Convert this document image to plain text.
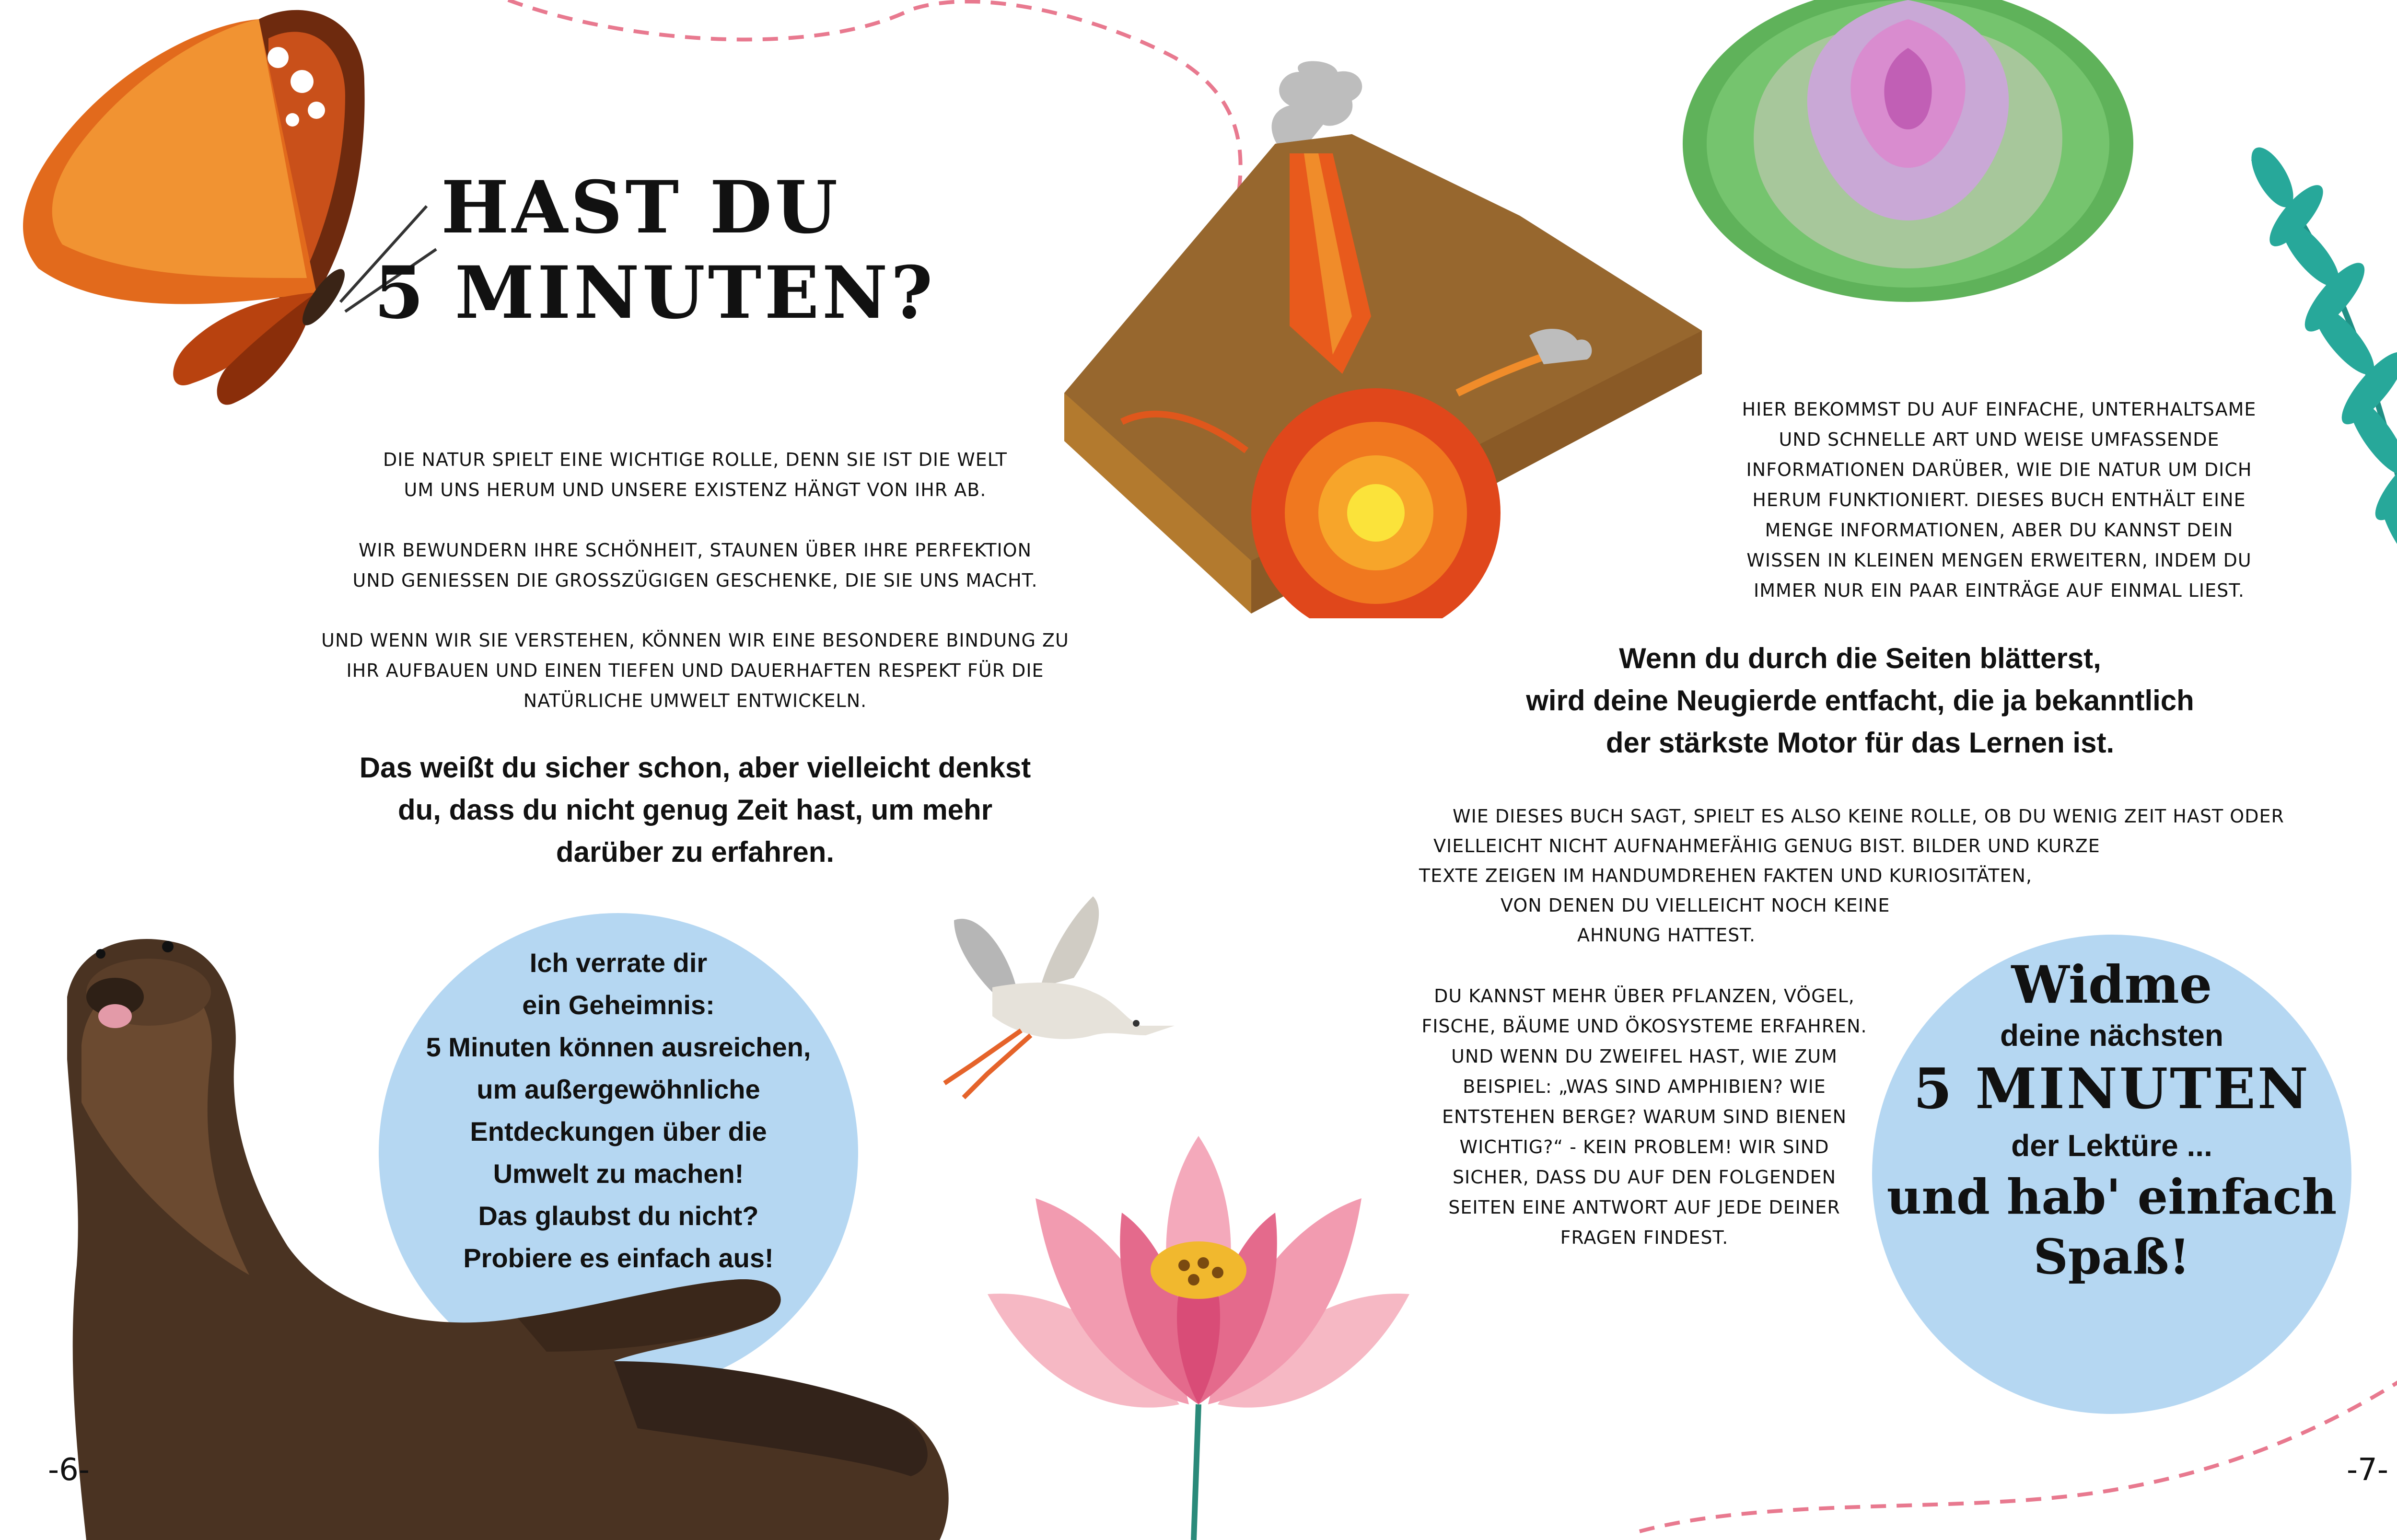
HAST DU
5 MINUTEN?

DIE NATUR SPIELT EINE WICHTIGE ROLLE, DENN SIE IST DIE WELT

UM UNS HERUM UND UNSERE EXISTENZ HÄNGT VON IHR AB.

WIR BEWUNDERN IHRE SCHÖNHEIT, STAUNEN ÜBER IHRE PERFEKTION

UND GENIESSEN DIE GROSSZÜGIGEN GESCHENKE, DIE SIE UNS MACHT.

UND WENN WIR SIE VERSTEHEN, KÖNNEN WIR EINE BESONDERE BINDUNG ZU

IHR AUFBAUEN UND EINEN TIEFEN UND DAUERHAFTEN RESPEKT FÜR DIE

NATÜRLICHE UMWELT ENTWICKELN.

Das weißt du sicher schon, aber vielleicht denkst

du, dass du nicht genug Zeit hast, um mehr

darüber zu erfahren.

Ich verrate dir

ein Geheimnis:

5 Minuten können ausreichen,

um außergewöhnliche

Entdeckungen über die

Umwelt zu machen!

Das glaubst du nicht?

Probiere es einfach aus!

HIER BEKOMMST DU AUF EINFACHE, UNTERHALTSAME

UND SCHNELLE ART UND WEISE UMFASSENDE

INFORMATIONEN DARÜBER, WIE DIE NATUR UM DICH

HERUM FUNKTIONIERT. DIESES BUCH ENTHÄLT EINE

MENGE INFORMATIONEN, ABER DU KANNST DEIN

WISSEN IN KLEINEN MENGEN ERWEITERN, INDEM DU

IMMER NUR EIN PAAR EINTRÄGE AUF EINMAL LIEST.

Wenn du durch die Seiten blätterst,

wird deine Neugierde entfacht, die ja bekanntlich

der stärkste Motor für das Lernen ist.

WIE DIESES BUCH SAGT, SPIELT ES ALSO KEINE ROLLE, OB DU WENIG ZEIT HAST ODER

VIELLEICHT NICHT AUFNAHMEFÄHIG GENUG BIST. BILDER UND KURZE

TEXTE ZEIGEN IM HANDUMDREHEN FAKTEN UND KURIOSITÄTEN,

VON DENEN DU VIELLEICHT NOCH KEINE

AHNUNG HATTEST.

DU KANNST MEHR ÜBER PFLANZEN, VÖGEL,

FISCHE, BÄUME UND ÖKOSYSTEME ERFAHREN.

UND WENN DU ZWEIFEL HAST, WIE ZUM

BEISPIEL: „WAS SIND AMPHIBIEN? WIE

ENTSTEHEN BERGE? WARUM SIND BIENEN

WICHTIG?“ - KEIN PROBLEM! WIR SIND

SICHER, DASS DU AUF DEN FOLGENDEN

SEITEN EINE ANTWORT AUF JEDE DEINER

FRAGEN FINDEST.

Widme
deine nächsten
5 MINUTEN
der Lektüre ...
und hab' einfach
Spaß!
-6-	-7-
